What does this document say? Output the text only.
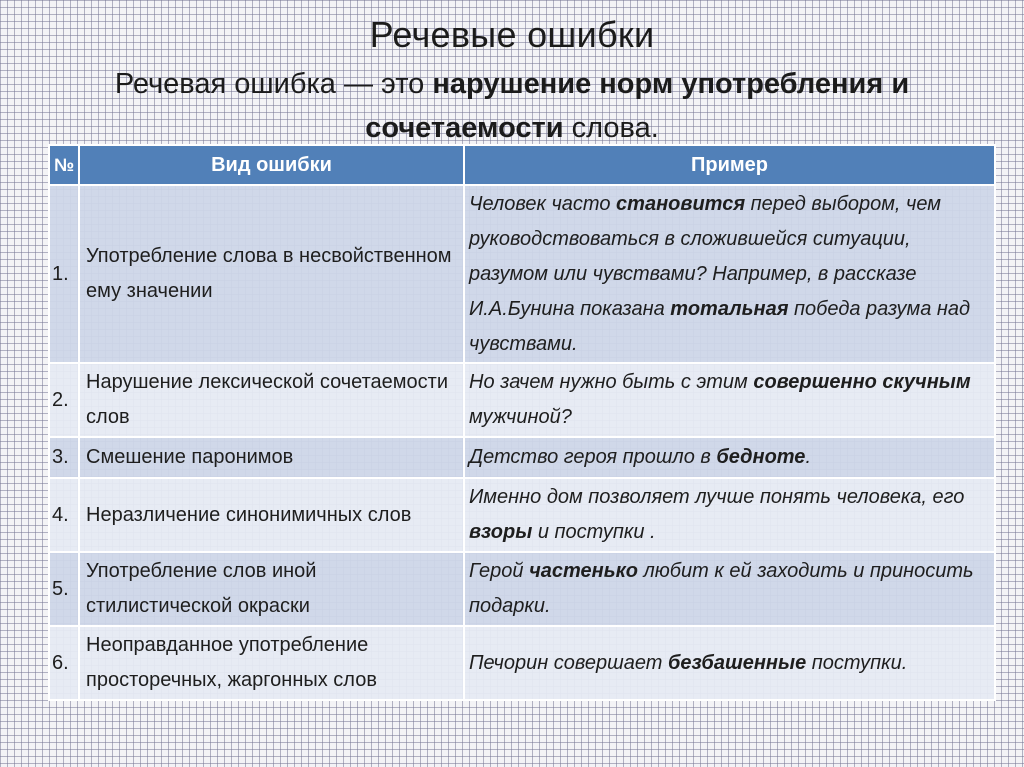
Речевые ошибки
Речевая ошибка — это нарушение норм употребления и
сочетаемости слова.
№	Вид ошибки	Пример
1.	Употребление слова в несвойственном ему значении	Человек часто становится перед выбором, чем руководствоваться в сложившейся ситуации, разумом или чувствами? Например, в рассказе И.А.Бунина показана тотальная победа разума над чувствами.
2.	Нарушение лексической сочетаемости слов	Но зачем нужно быть с этим совершенно скучным мужчиной?
3.	Смешение паронимов	Детство героя прошло в бедноте.
4.	Неразличение синонимичных слов	Именно дом позволяет лучше понять человека, его взоры и поступки .
5.	Употребление слов иной стилистической окраски	Герой частенько любит к ей заходить и приносить подарки.
6.	Неоправданное употребление просторечных, жаргонных слов	Печорин совершает безбашенные поступки.
